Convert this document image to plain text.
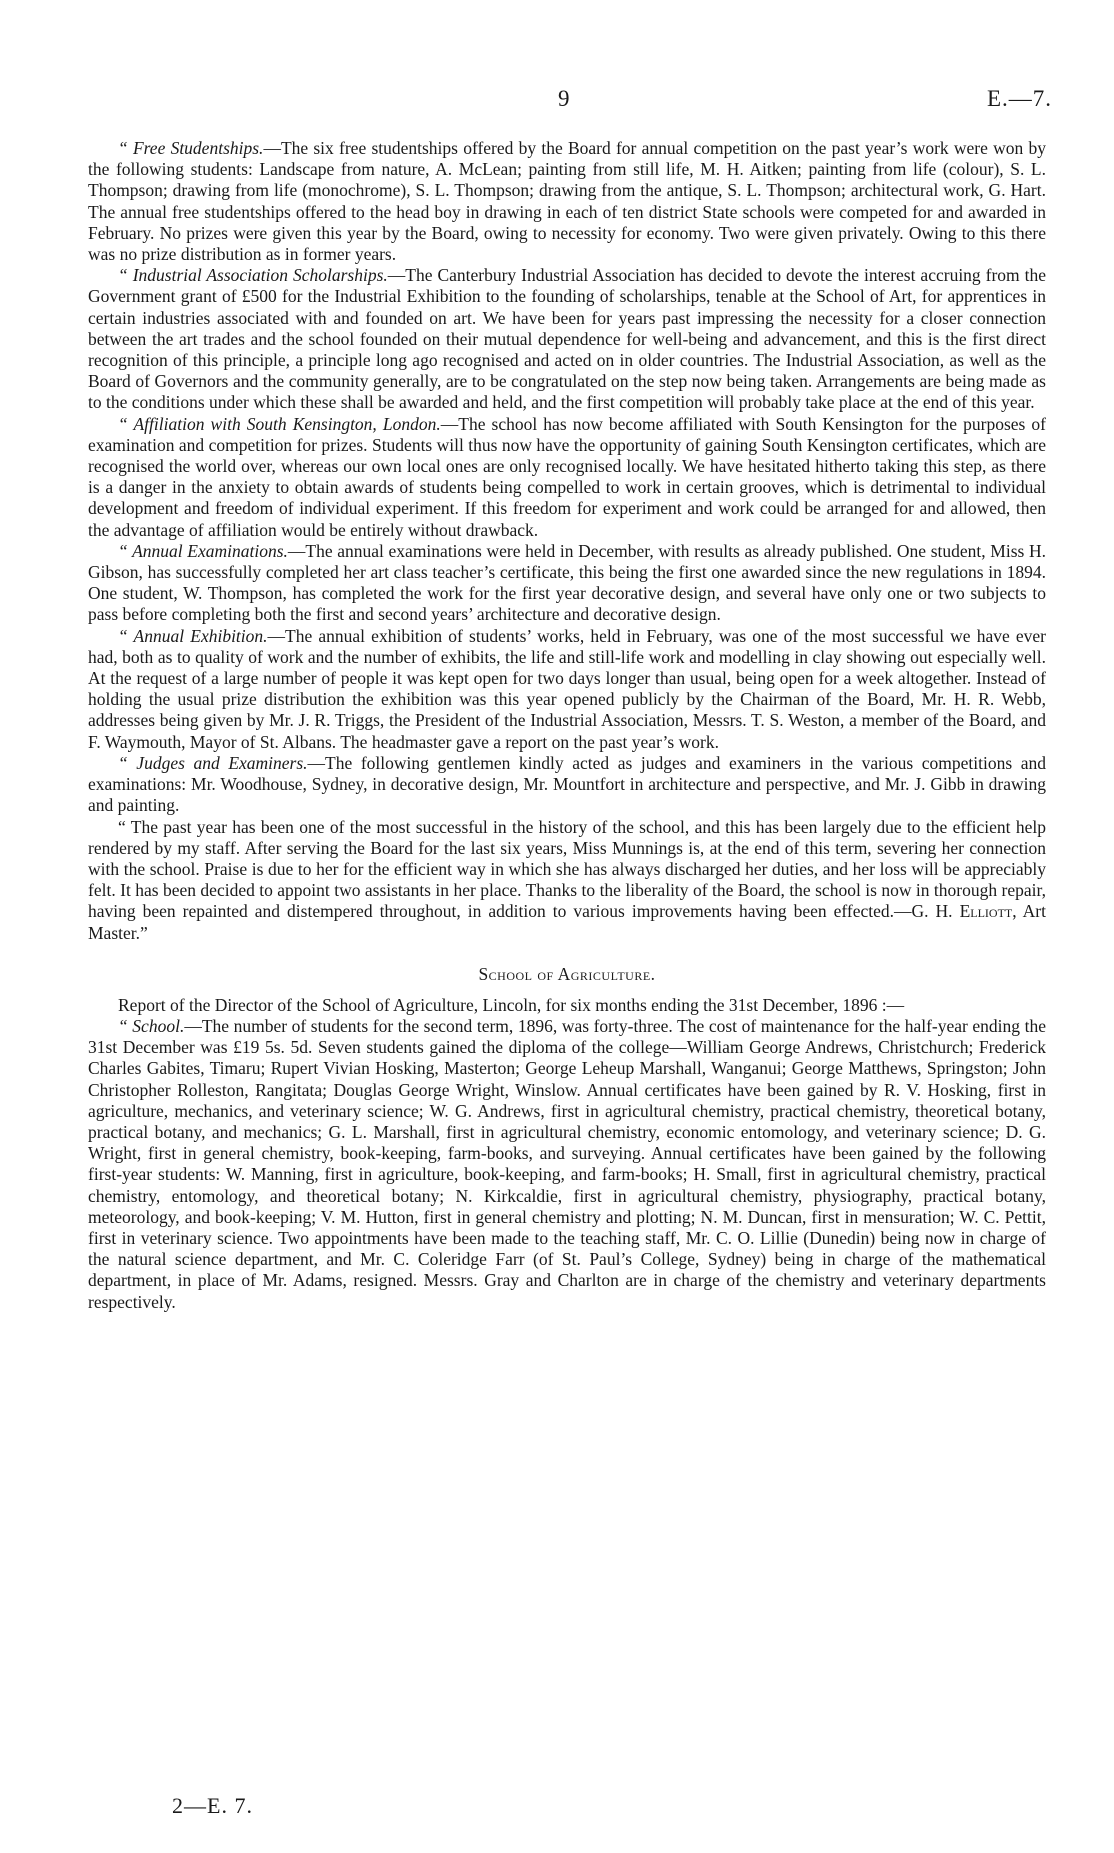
9	E.—7.

“ Free Studentships.—The six free studentships offered by the Board for annual competition on the past year’s work were won by the following students: Landscape from nature, A. McLean; painting from still life, M. H. Aitken; painting from life (colour), S. L. Thompson; drawing from life (monochrome), S. L. Thompson; drawing from the antique, S. L. Thompson; architectural work, G. Hart. The annual free studentships offered to the head boy in drawing in each of ten district State schools were competed for and awarded in February. No prizes were given this year by the Board, owing to necessity for economy. Two were given privately. Owing to this there was no prize distribution as in former years.

“ Industrial Association Scholarships.—The Canterbury Industrial Association has decided to devote the interest accruing from the Government grant of £500 for the Industrial Exhibition to the founding of scholarships, tenable at the School of Art, for apprentices in certain industries associated with and founded on art. We have been for years past impressing the necessity for a closer connection between the art trades and the school founded on their mutual dependence for well-being and advancement, and this is the first direct recognition of this principle, a principle long ago recognised and acted on in older countries. The Industrial Association, as well as the Board of Governors and the community generally, are to be congratulated on the step now being taken. Arrangements are being made as to the conditions under which these shall be awarded and held, and the first competition will probably take place at the end of this year.

“ Affiliation with South Kensington, London.—The school has now become affiliated with South Kensington for the purposes of examination and competition for prizes. Students will thus now have the opportunity of gaining South Kensington certificates, which are recognised the world over, whereas our own local ones are only recognised locally. We have hesitated hitherto taking this step, as there is a danger in the anxiety to obtain awards of students being compelled to work in certain grooves, which is detrimental to individual development and freedom of individual experiment. If this freedom for experiment and work could be arranged for and allowed, then the advantage of affiliation would be entirely without drawback.

“ Annual Examinations.—The annual examinations were held in December, with results as already published. One student, Miss H. Gibson, has successfully completed her art class teacher’s certificate, this being the first one awarded since the new regulations in 1894. One student, W. Thompson, has completed the work for the first year decorative design, and several have only one or two subjects to pass before completing both the first and second years’ architecture and decorative design.

“ Annual Exhibition.—The annual exhibition of students’ works, held in February, was one of the most successful we have ever had, both as to quality of work and the number of exhibits, the life and still-life work and modelling in clay showing out especially well. At the request of a large number of people it was kept open for two days longer than usual, being open for a week altogether. Instead of holding the usual prize distribution the exhibition was this year opened publicly by the Chairman of the Board, Mr. H. R. Webb, addresses being given by Mr. J. R. Triggs, the President of the Industrial Association, Messrs. T. S. Weston, a member of the Board, and F. Waymouth, Mayor of St. Albans. The headmaster gave a report on the past year’s work.

“ Judges and Examiners.—The following gentlemen kindly acted as judges and examiners in the various competitions and examinations: Mr. Woodhouse, Sydney, in decorative design, Mr. Mountfort in architecture and perspective, and Mr. J. Gibb in drawing and painting.

“ The past year has been one of the most successful in the history of the school, and this has been largely due to the efficient help rendered by my staff. After serving the Board for the last six years, Miss Munnings is, at the end of this term, severing her connection with the school. Praise is due to her for the efficient way in which she has always discharged her duties, and her loss will be appreciably felt. It has been decided to appoint two assistants in her place. Thanks to the liberality of the Board, the school is now in thorough repair, having been repainted and distempered throughout, in addition to various improvements having been effected.—G. H. Elliott, Art Master.”

School of Agriculture.

Report of the Director of the School of Agriculture, Lincoln, for six months ending the 31st December, 1896 :—

“ School.—The number of students for the second term, 1896, was forty-three. The cost of maintenance for the half-year ending the 31st December was £19 5s. 5d. Seven students gained the diploma of the college—William George Andrews, Christchurch; Frederick Charles Gabites, Timaru; Rupert Vivian Hosking, Masterton; George Leheup Marshall, Wanganui; George Matthews, Springston; John Christopher Rolleston, Rangitata; Douglas George Wright, Winslow. Annual certificates have been gained by R. V. Hosking, first in agriculture, mechanics, and veterinary science; W. G. Andrews, first in agricultural chemistry, practical chemistry, theoretical botany, practical botany, and mechanics; G. L. Marshall, first in agricultural chemistry, economic entomology, and veterinary science; D. G. Wright, first in general chemistry, book-keeping, farm-books, and surveying. Annual certificates have been gained by the following first-year students: W. Manning, first in agriculture, book-keeping, and farm-books; H. Small, first in agricultural chemistry, practical chemistry, entomology, and theoretical botany; N. Kirkcaldie, first in agricultural chemistry, physiography, practical botany, meteorology, and book-keeping; V. M. Hutton, first in general chemistry and plotting; N. M. Duncan, first in mensuration; W. C. Pettit, first in veterinary science. Two appointments have been made to the teaching staff, Mr. C. O. Lillie (Dunedin) being now in charge of the natural science department, and Mr. C. Coleridge Farr (of St. Paul’s College, Sydney) being in charge of the mathematical department, in place of Mr. Adams, resigned. Messrs. Gray and Charlton are in charge of the chemistry and veterinary departments respectively.

2—E. 7.
